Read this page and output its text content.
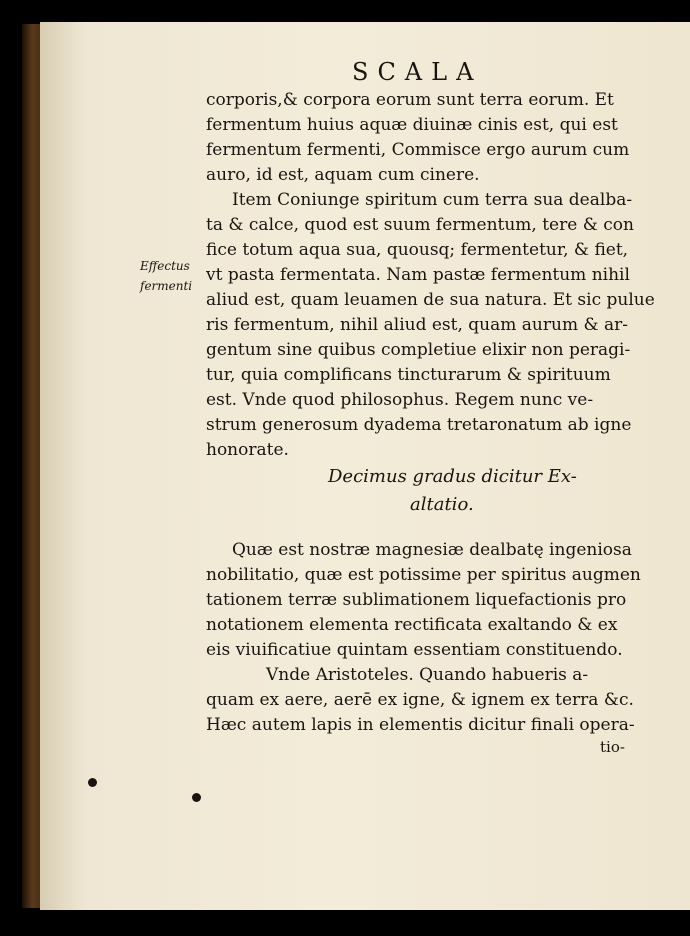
SCALA
corporis,& corpora eorum sunt terra eorum. Et
fermentum huius aquæ diuinæ cinis est, qui est
fermentum fermenti, Commisce ergo aurum cum
auro, id est, aquam cum cinere.
Item Coniunge spiritum cum terra sua dealba-
ta & calce, quod est suum fermentum, tere & con
fice totum aqua sua, quousq; fermentetur, & fiet,
vt pasta fermentata. Nam pastæ fermentum nihil
aliud est, quam leuamen de sua natura. Et sic pulue
ris fermentum, nihil aliud est, quam aurum & ar-
gentum sine quibus completiue elixir non peragi-
tur, quia complificans tincturarum & spirituum
est. Vnde quod philosophus. Regem nunc ve-
strum generosum dyadema tretaronatum ab igne
honorate.
Effectus
fermenti
Decimus gradus dicitur Ex-
altatio.
Quæ est nostræ magnesiæ dealbatę ingeniosa
nobilitatio, quæ est potissime per spiritus augmen
tationem terræ sublimationem liquefactionis pro
notationem elementa rectificata exaltando & ex
eis viuificatiue quintam essentiam constituendo.
Vnde Aristoteles. Quando habueris a-
quam ex aere, aerē ex igne, & ignem ex terra &c.
Hæc autem lapis in elementis dicitur finali opera-
tio-
